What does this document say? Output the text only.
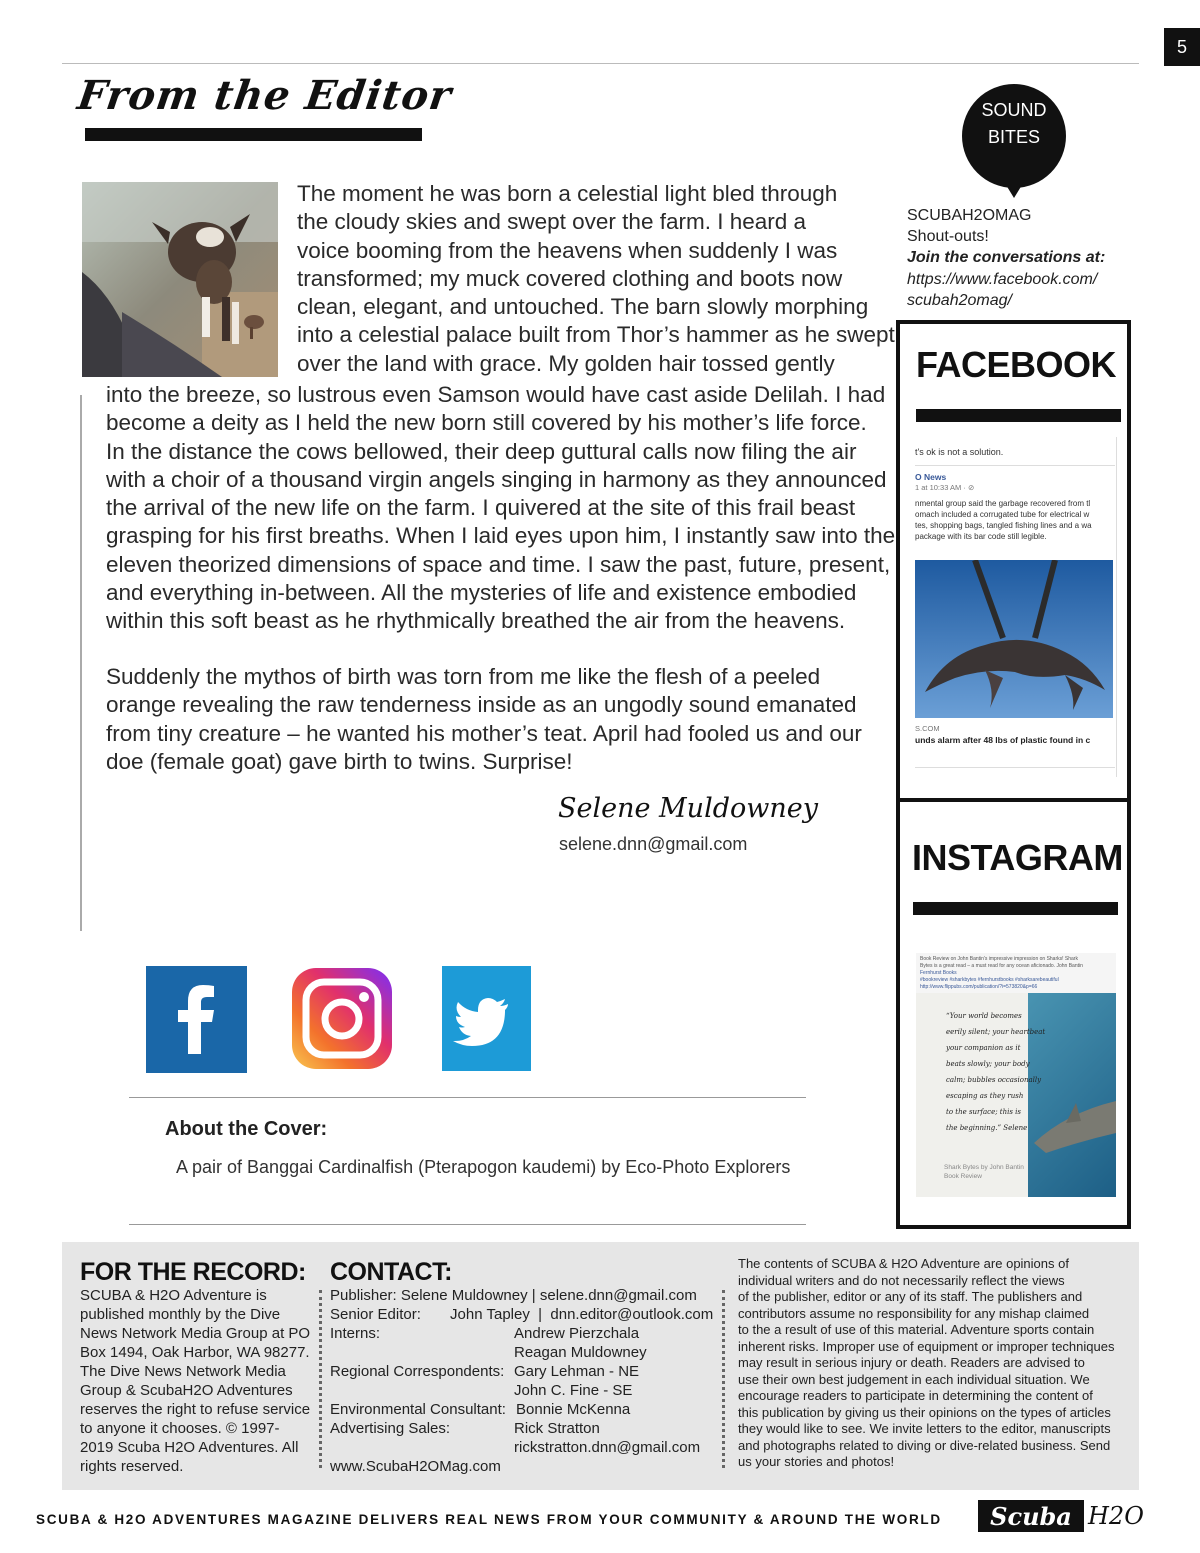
5
From the Editor
The moment he was born a celestial light bled through
the cloudy skies and swept over the farm. I heard a
voice booming from the heavens when suddenly I was
transformed; my muck covered clothing and boots now
clean, elegant, and untouched. The barn slowly morphing
into a celestial palace built from Thor’s hammer as he swept
over the land with grace. My golden hair tossed gently
into the breeze, so lustrous even Samson would have cast aside Delilah. I had
become a deity as I held the new born still covered by his mother’s life force.
In the distance the cows bellowed, their deep guttural calls now filing the air
with a choir of a thousand virgin angels singing in harmony as they announced
the arrival of the new life on the farm. I quivered at the site of this frail beast
grasping for his first breaths. When I laid eyes upon him, I instantly saw into the
eleven theorized dimensions of space and time. I saw the past, future, present,
and everything in-between. All the mysteries of life and existence embodied
within this soft beast as he rhythmically breathed the air from the heavens.
Suddenly the mythos of birth was torn from me like the flesh of a peeled
orange revealing the raw tenderness inside as an ungodly sound emanated
from tiny creature – he wanted his mother’s teat. April had fooled us and our
doe (female goat) gave birth to twins. Surprise!
Selene Muldowney
selene.dnn@gmail.com
About the Cover:
A pair of Banggai Cardinalfish (Pterapogon kaudemi) by Eco-Photo Explorers
SOUND
BITES
SCUBAH2OMAG
Shout-outs!
Join the conversations at:
https://www.facebook.com/
scubah2omag/
FACEBOOK
t's ok is not a solution.
O News
1 at 10:33 AM · ⊘
nmental group said the garbage recovered from tl
omach included a corrugated tube for electrical w
tes, shopping bags, tangled fishing lines and a wa
package with its bar code still legible.
S.COM
unds alarm after 48 lbs of plastic found in c
INSTAGRAM
Book Review on John Bantin's impressive impression on Sharks! Shark
Bytes is a great read – a must read for any ocean aficionado. John Bantin
Fernhurst Books
#bookreview #sharkbytes #fernhurstbooks #sharksarebeautiful
http://www.flippubs.com/publication/?i=573820&p=66
“Your world becomes
eerily silent; your heartbeat
your companion as it
beats slowly; your body
calm; bubbles occasionally
escaping as they rush
to the surface; this is
the beginning.” Selene
Shark Bytes by John Bantin
Book Review
FOR THE RECORD:
SCUBA & H2O Adventure is
published monthly by the Dive
News Network Media Group at PO
Box 1494, Oak Harbor, WA 98277.
The Dive News Network Media
Group & ScubaH2O Adventures
reserves the right to refuse service
to anyone it chooses. © 1997-
2019 Scuba H2O Adventures. All
rights reserved.
CONTACT:
Publisher: Selene Muldowney | selene.dnn@gmail.com
Senior Editor:       John Tapley  |  dnn.editor@outlook.com
Interns:	Andrew Pierzchala
Reagan Muldowney
Regional Correspondents: Gary Lehman - NE
John C. Fine - SE
Environmental Consultant: Bonnie McKenna
Advertising Sales:	Rick Stratton
rickstratton.dnn@gmail.com
www.ScubaH2OMag.com
The contents of SCUBA & H2O Adventure are opinions of
individual writers and do not necessarily reflect the views
of the publisher, editor or any of its staff. The publishers and
contributors assume no responsibility for any mishap claimed
to the a result of use of this material. Adventure sports contain
inherent risks. Improper use of equipment or improper techniques
may result in serious injury or death. Readers are advised to
use their own best judgement in each individual situation. We
encourage readers to participate in determining the content of
this publication by giving us their opinions on the types of articles
they would like to see. We invite letters to the editor, manuscripts
and photographs related to diving or dive-related business. Send
us your stories and photos!
SCUBA & H2O ADVENTURES MAGAZINE DELIVERS REAL NEWS FROM YOUR COMMUNITY & AROUND THE WORLD	Scuba H2O
